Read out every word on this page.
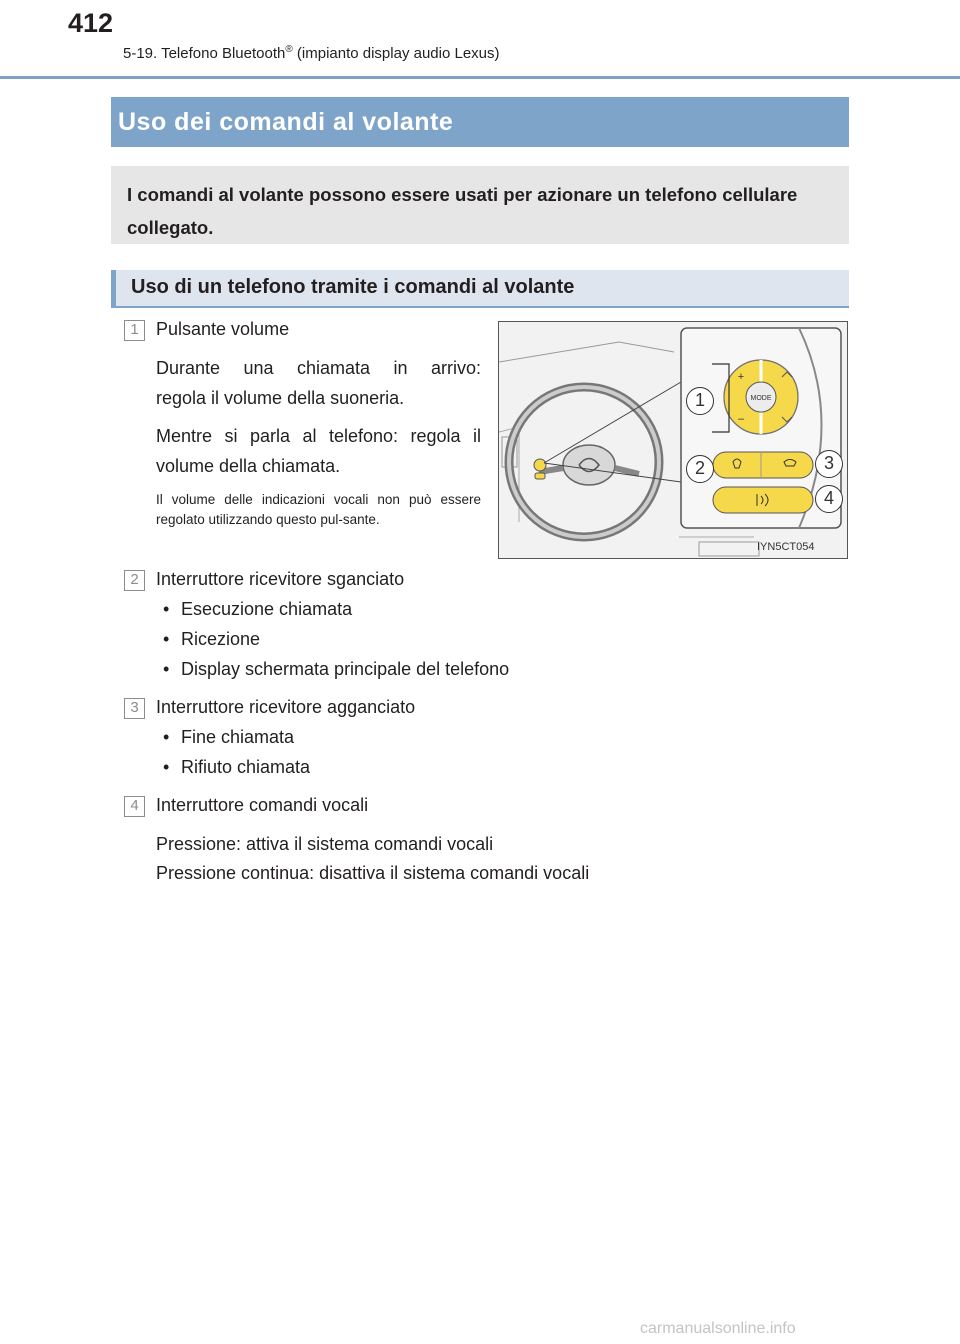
412
5-19. Telefono Bluetooth® (impianto display audio Lexus)
Uso dei comandi al volante
I comandi al volante possono essere usati per azionare un telefono cellulare collegato.
Uso di un telefono tramite i comandi al volante
1 Pulsante volume
Durante una chiamata in arrivo:
regola il volume della suoneria.
Mentre si parla al telefono: regola il
volume della chiamata.
Il volume delle indicazioni vocali non può essere regolato utilizzando questo pul-sante.
MODE
+
–
1
2	3
4
IYN5CT054
2 Interruttore ricevitore sganciato
• Esecuzione chiamata
• Ricezione
• Display schermata principale del telefono
3 Interruttore ricevitore agganciato
• Fine chiamata
• Rifiuto chiamata
4 Interruttore comandi vocali
Pressione: attiva il sistema comandi vocali
Pressione continua: disattiva il sistema comandi vocali
carmanualsonline.info
